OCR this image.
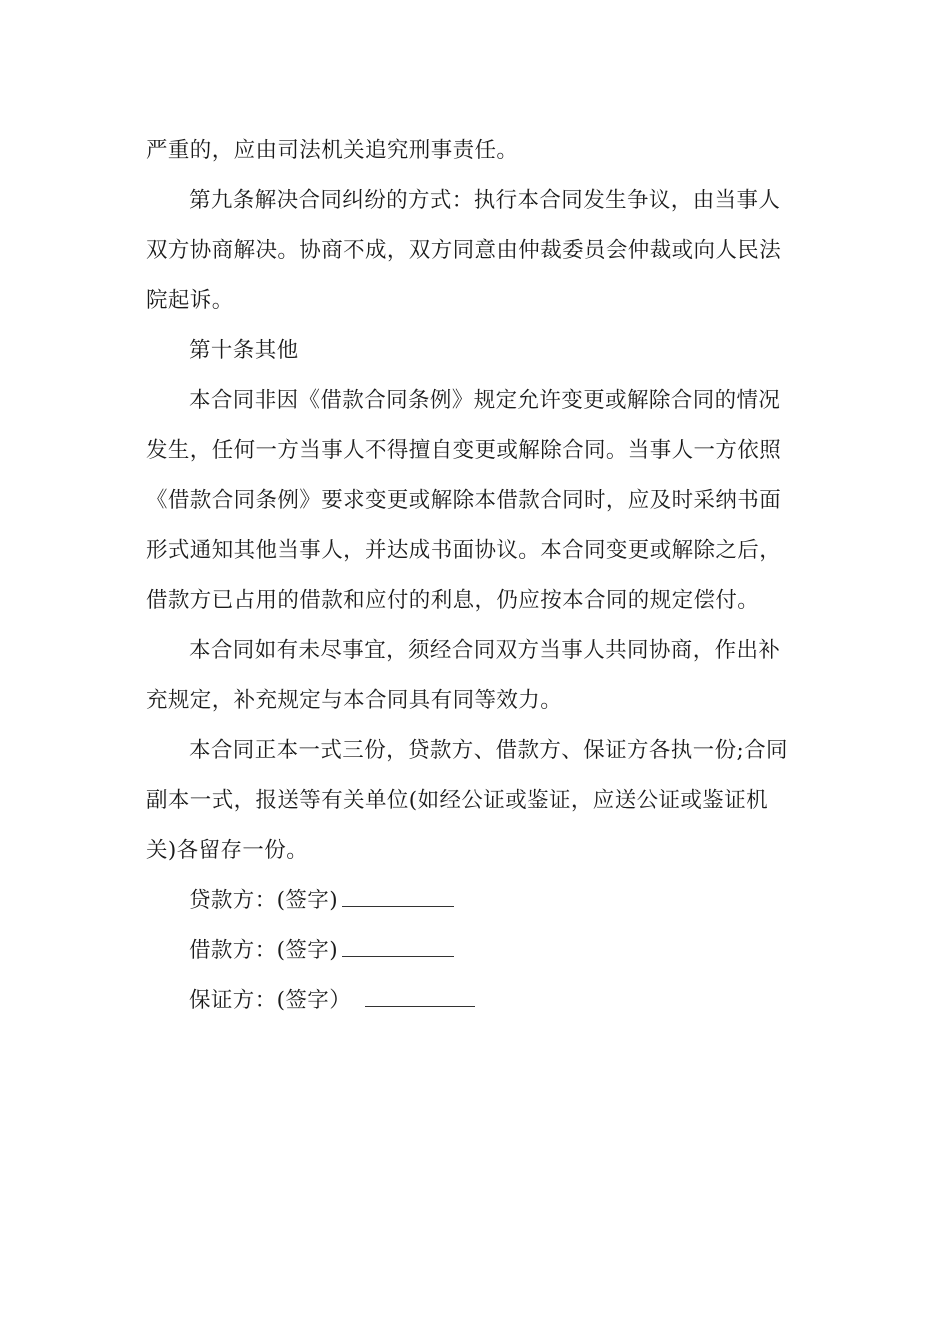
严重的，应由司法机关追究刑事责任。

第九条解决合同纠纷的方式：执行本合同发生争议，由当事人
双方协商解决。协商不成，双方同意由仲裁委员会仲裁或向人民法
院起诉。

第十条其他

本合同非因《借款合同条例》规定允许变更或解除合同的情况
发生，任何一方当事人不得擅自变更或解除合同。当事人一方依照
《借款合同条例》要求变更或解除本借款合同时，应及时采纳书面
形式通知其他当事人，并达成书面协议。本合同变更或解除之后，
借款方已占用的借款和应付的利息，仍应按本合同的规定偿付。

本合同如有未尽事宜，须经合同双方当事人共同协商，作出补
充规定，补充规定与本合同具有同等效力。

本合同正本一式三份，贷款方、借款方、保证方各执一份;合同
副本一式，报送等有关单位(如经公证或鉴证，应送公证或鉴证机
关)各留存一份。

贷款方：(签字)
借款方：(签字)
保证方：(签字）
